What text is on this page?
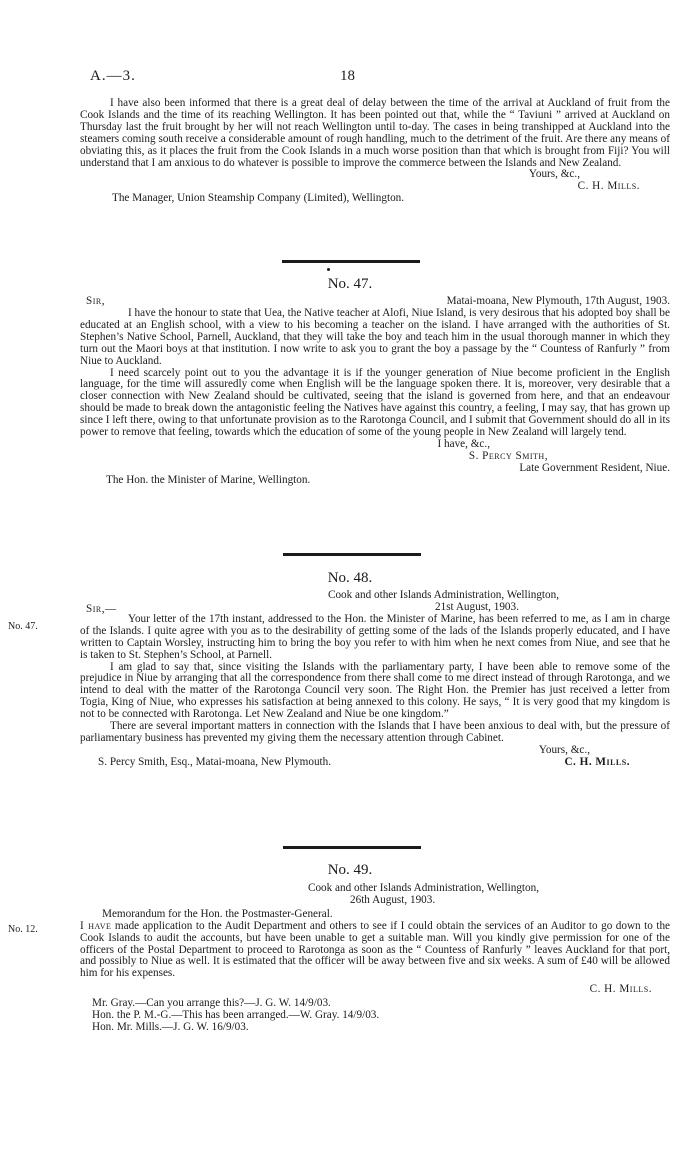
A.—3.	18

I have also been informed that there is a great deal of delay between the time of the arrival at Auckland of fruit from the Cook Islands and the time of its reaching Wellington. It has been pointed out that, while the “ Taviuni ” arrived at Auckland on Thursday last the fruit brought by her will not reach Wellington until to-day. The cases in being transhipped at Auckland into the steamers coming south receive a considerable amount of rough handling, much to the detriment of the fruit. Are there any means of obviating this, as it places the fruit from the Cook Islands in a much worse position than that which is brought from Fiji? You will understand that I am anxious to do whatever is possible to improve the commerce between the Islands and New Zealand.

Yours, &c.,

C. H. Mills.

The Manager, Union Steamship Company (Limited), Wellington.

No. 47.
Sir,	Matai-moana, New Plymouth, 17th August, 1903.

I have the honour to state that Uea, the Native teacher at Alofi, Niue Island, is very desirous that his adopted boy shall be educated at an English school, with a view to his becoming a teacher on the island. I have arranged with the authorities of St. Stephen’s Native School, Parnell, Auckland, that they will take the boy and teach him in the usual thorough manner in which they turn out the Maori boys at that institution. I now write to ask you to grant the boy a passage by the “ Countess of Ranfurly ” from Niue to Auckland.

I need scarcely point out to you the advantage it is if the younger generation of Niue become proficient in the English language, for the time will assuredly come when English will be the language spoken there. It is, moreover, very desirable that a closer connection with New Zealand should be cultivated, seeing that the island is governed from here, and that an endeavour should be made to break down the antagonistic feeling the Natives have against this country, a feeling, I may say, that has grown up since I left there, owing to that unfortunate provision as to the Rarotonga Council, and I submit that Government should do all in its power to remove that feeling, towards which the education of some of the young people in New Zealand will largely tend.

I have, &c.,

S. Percy Smith,

Late Government Resident, Niue.

The Hon. the Minister of Marine, Wellington.

No. 48.
No. 47.

Cook and other Islands Administration, Wellington,

Sir,—	21st August, 1903.

Your letter of the 17th instant, addressed to the Hon. the Minister of Marine, has been referred to me, as I am in charge of the Islands. I quite agree with you as to the desirability of getting some of the lads of the Islands properly educated, and I have written to Captain Worsley, instructing him to bring the boy you refer to with him when he next comes from Niue, and see that he is taken to St. Stephen’s School, at Parnell.

I am glad to say that, since visiting the Islands with the parliamentary party, I have been able to remove some of the prejudice in Niue by arranging that all the correspondence from there shall come to me direct instead of through Rarotonga, and we intend to deal with the matter of the Rarotonga Council very soon. The Right Hon. the Premier has just received a letter from Togia, King of Niue, who expresses his satisfaction at being annexed to this colony. He says, “ It is very good that my kingdom is not to be connected with Rarotonga. Let New Zealand and Niue be one kingdom.”

There are several important matters in connection with the Islands that I have been anxious to deal with, but the pressure of parliamentary business has prevented my giving them the necessary attention through Cabinet.

Yours, &c.,

S. Percy Smith, Esq., Matai-moana, New Plymouth.	C. H. Mills.
No. 49.
No. 12.

Cook and other Islands Administration, Wellington,

26th August, 1903.

Memorandum for the Hon. the Postmaster-General.

I have made application to the Audit Department and others to see if I could obtain the services of an Auditor to go down to the Cook Islands to audit the accounts, but have been unable to get a suitable man. Will you kindly give permission for one of the officers of the Postal Department to proceed to Rarotonga as soon as the “ Countess of Ranfurly ” leaves Auckland for that port, and possibly to Niue as well. It is estimated that the officer will be away between five and six weeks. A sum of £40 will be allowed him for his expenses.

C. H. Mills.

Mr. Gray.—Can you arrange this?—J. G. W. 14/9/03.

Hon. the P. M.-G.—This has been arranged.—W. Gray. 14/9/03.

Hon. Mr. Mills.—J. G. W. 16/9/03.
